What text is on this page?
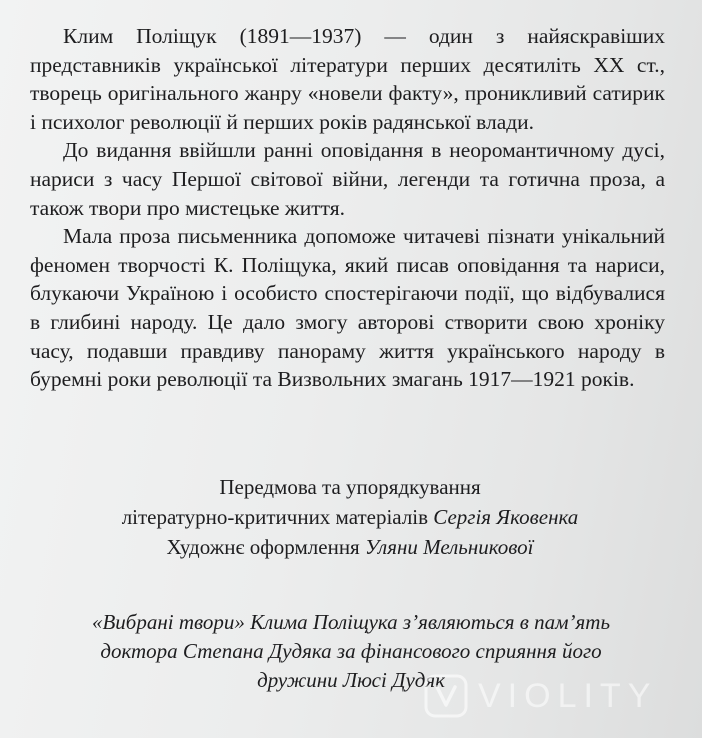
Клим Поліщук (1891—1937) — один з найяскравіших представників української літератури перших десятиліть XX ст., творець оригінального жанру «новели факту», проникливий сатирик і психолог революції й перших років радянської влади.

До видання ввійшли ранні оповідання в неоромантичному дусі, нариси з часу Першої світової війни, легенди та готична проза, а також твори про мистецьке життя.

Мала проза письменника допоможе читачеві пізнати унікальний феномен творчості К. Поліщука, який писав оповідання та нариси, блукаючи Україною і особисто спостерігаючи події, що відбувалися в глибині народу. Це дало змогу авторові створити свою хроніку часу, подавши правдиву панораму життя українського народу в буремні роки революції та Визвольних змагань 1917—1921 років.

Передмова та упорядкування
літературно-критичних матеріалів Сергія Яковенка
Художнє оформлення Уляни Мельникової
«Вибрані твори» Клима Поліщука з’являються в пам’ять
доктора Степана Дудяка за фінансового сприяння його
дружини Люсі Дудяк VIOLITY
